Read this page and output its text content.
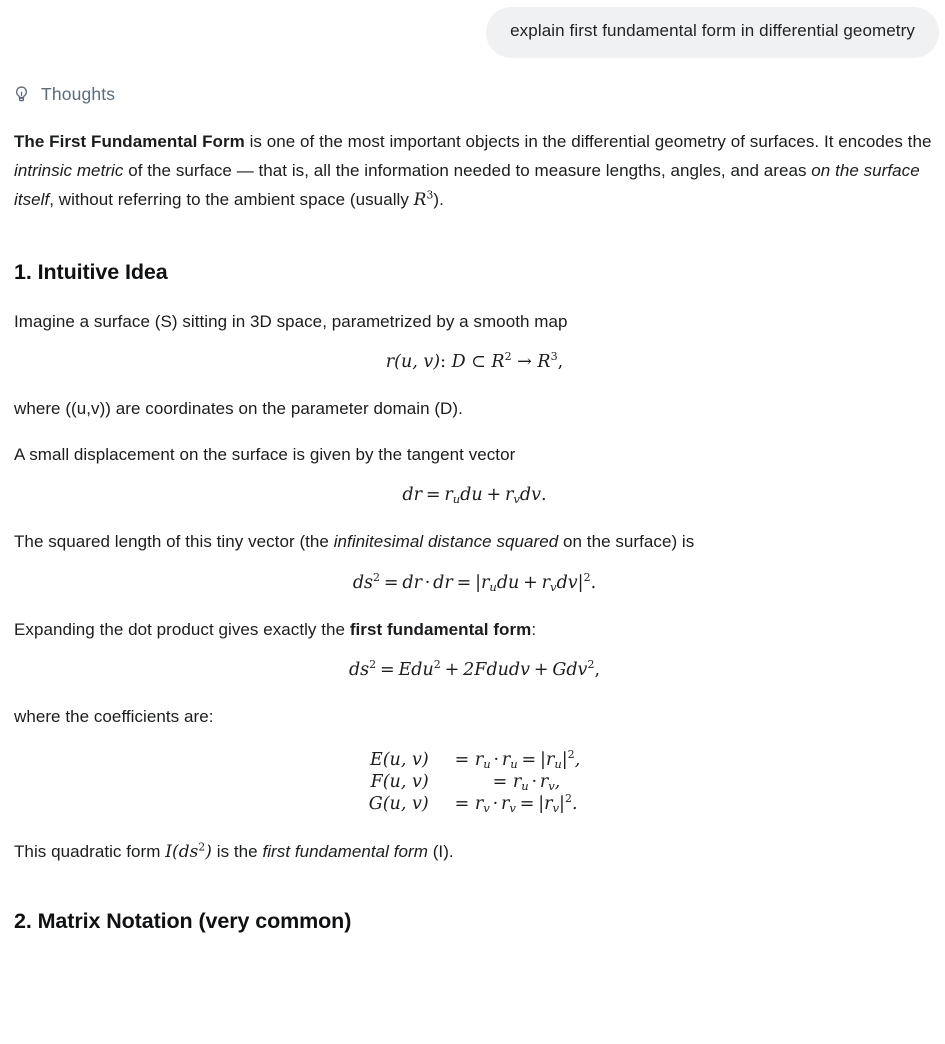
explain first fundamental form in differential geometry
Thoughts

The First Fundamental Form is one of the most important objects in the differential geometry of surfaces. It encodes the intrinsic metric of the surface — that is, all the information needed to measure lengths, angles, and areas on the surface itself, without referring to the ambient space (usually $R^3$).

1. Intuitive Idea

Imagine a surface (S) sitting in 3D space, parametrized by a smooth map

r(u, v): D ⊂ $R^2 \to R^3$,

where ((u,v)) are coordinates on the parameter domain (D).

A small displacement on the surface is given by the tangent vector

dr = $r_udu + r_vdv$.

The squared length of this tiny vector (the infinitesimal distance squared on the surface) is

$ds^2$ = dr · dr = $|r_udu + r_vdv|^2$.

Expanding the dot product gives exactly the first fundamental form:

$ds^2 = Edu^2$ + 2Fdudv + Gdv$^2$,

where the coefficients are:

E(u, v)	= $r_u \cdot r_u = |r_u|^2$,
F(u, v)	= $r_u \cdot r_v$,
G(u, v)	= $r_v \cdot r_v = |r_v|^2$.

This quadratic form $I(ds^2)$ is the first fundamental form (I).

2. Matrix Notation (very common)
